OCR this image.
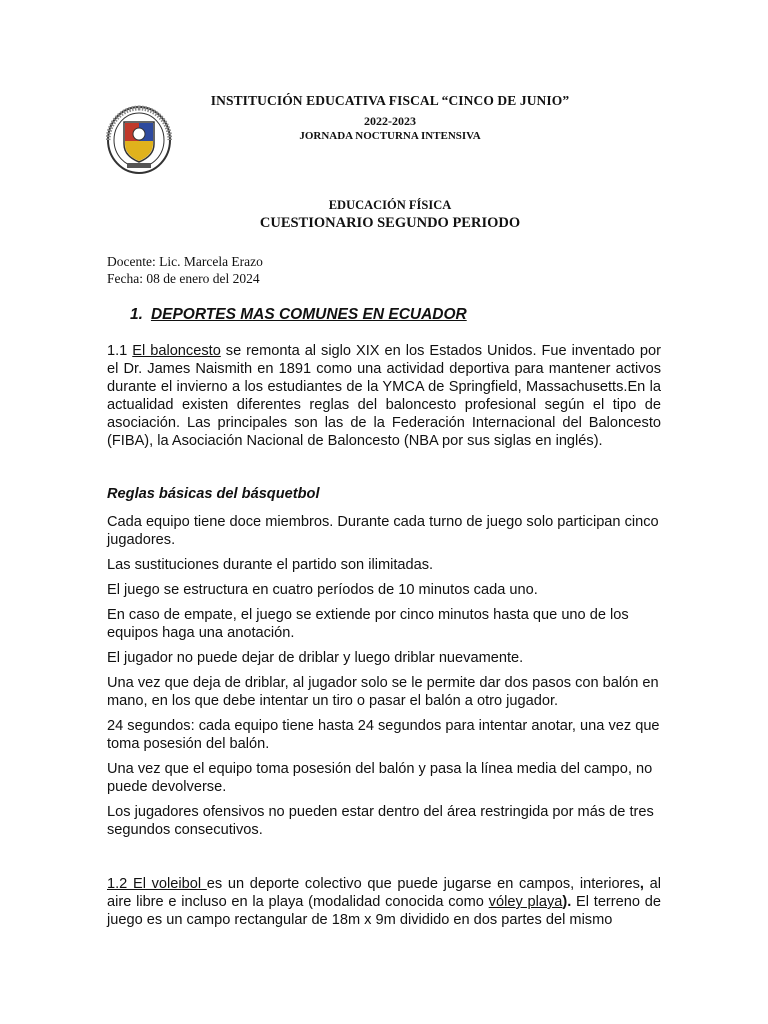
INSTITUCIÓN EDUCATIVA FISCAL “CINCO DE JUNIO”
2022-2023
JORNADA NOCTURNA INTENSIVA
EDUCACIÓN FÍSICA
CUESTIONARIO SEGUNDO PERIODO
Docente: Lic. Marcela Erazo
Fecha: 08 de enero del 2024
1. DEPORTES MAS COMUNES EN ECUADOR
1.1 El baloncesto se remonta al siglo XIX en los Estados Unidos. Fue inventado por el Dr. James Naismith en 1891 como una actividad deportiva para mantener activos durante el invierno a los estudiantes de la YMCA de Springfield, Massachusetts.En la actualidad existen diferentes reglas del baloncesto profesional según el tipo de asociación. Las principales son las de la Federación Internacional del Baloncesto (FIBA), la Asociación Nacional de Baloncesto (NBA por sus siglas en inglés).
Reglas básicas del básquetbol
Cada equipo tiene doce miembros. Durante cada turno de juego solo participan cinco jugadores.
Las sustituciones durante el partido son ilimitadas.
El juego se estructura en cuatro períodos de 10 minutos cada uno.
En caso de empate, el juego se extiende por cinco minutos hasta que uno de los equipos haga una anotación.
El jugador no puede dejar de driblar y luego driblar nuevamente.
Una vez que deja de driblar, al jugador solo se le permite dar dos pasos con balón en mano, en los que debe intentar un tiro o pasar el balón a otro jugador.
24 segundos: cada equipo tiene hasta 24 segundos para intentar anotar, una vez que toma posesión del balón.
Una vez que el equipo toma posesión del balón y pasa la línea media del campo, no puede devolverse.
Los jugadores ofensivos no pueden estar dentro del área restringida por más de tres segundos consecutivos.
1.2 El voleibol es un deporte colectivo que puede jugarse en campos, interiores, al aire libre e incluso en la playa (modalidad conocida como vóley playa). El terreno de juego es un campo rectangular de 18m x 9m dividido en dos partes del mismo
